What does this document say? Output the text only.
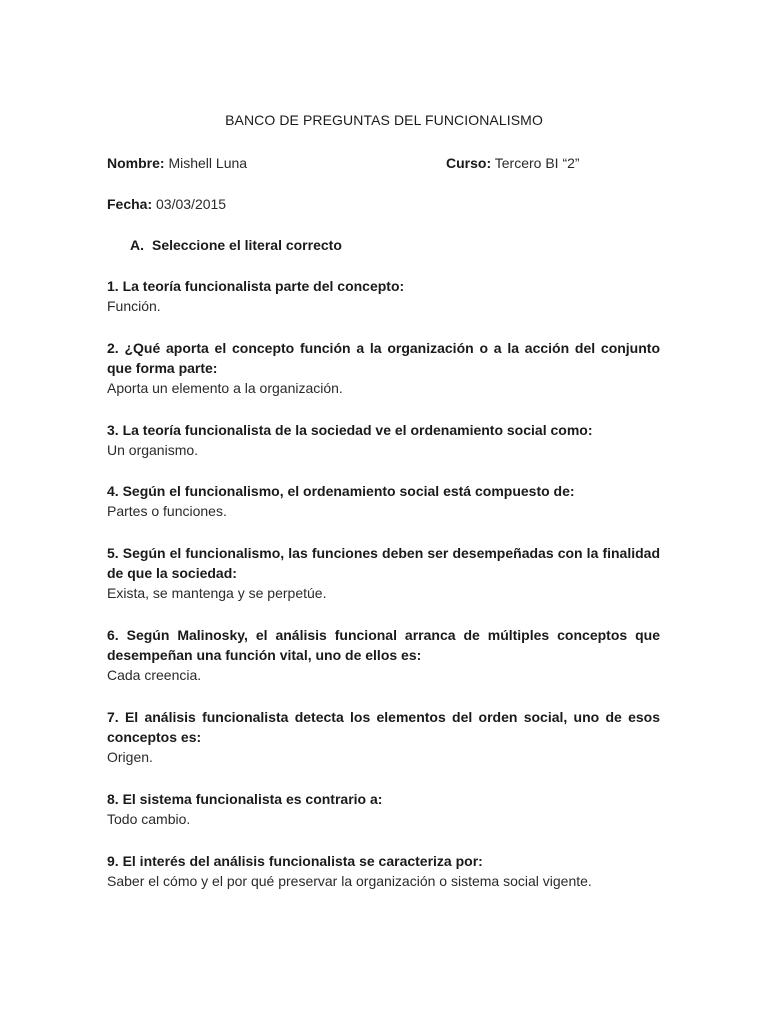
BANCO DE PREGUNTAS DEL FUNCIONALISMO
Nombre: Mishell Luna	Curso: Tercero BI “2”
Fecha: 03/03/2015
A. Seleccione el literal correcto
1. La teoría funcionalista parte del concepto:
Función.
2. ¿Qué aporta el concepto función a la organización o a la acción del conjunto que forma parte:
Aporta un elemento a la organización.
3. La teoría funcionalista de la sociedad ve el ordenamiento social como:
Un organismo.
4. Según el funcionalismo, el ordenamiento social está compuesto de:
Partes o funciones.
5. Según el funcionalismo, las funciones deben ser desempeñadas con la finalidad de que la sociedad:
Exista, se mantenga y se perpetúe.
6. Según Malinosky, el análisis funcional arranca de múltiples conceptos que desempeñan una función vital, uno de ellos es:
Cada creencia.
7. El análisis funcionalista detecta los elementos del orden social, uno de esos conceptos es:
Origen.
8. El sistema funcionalista es contrario a:
Todo cambio.
9. El interés del análisis funcionalista se caracteriza por:
Saber el cómo y el por qué preservar la organización o sistema social vigente.
